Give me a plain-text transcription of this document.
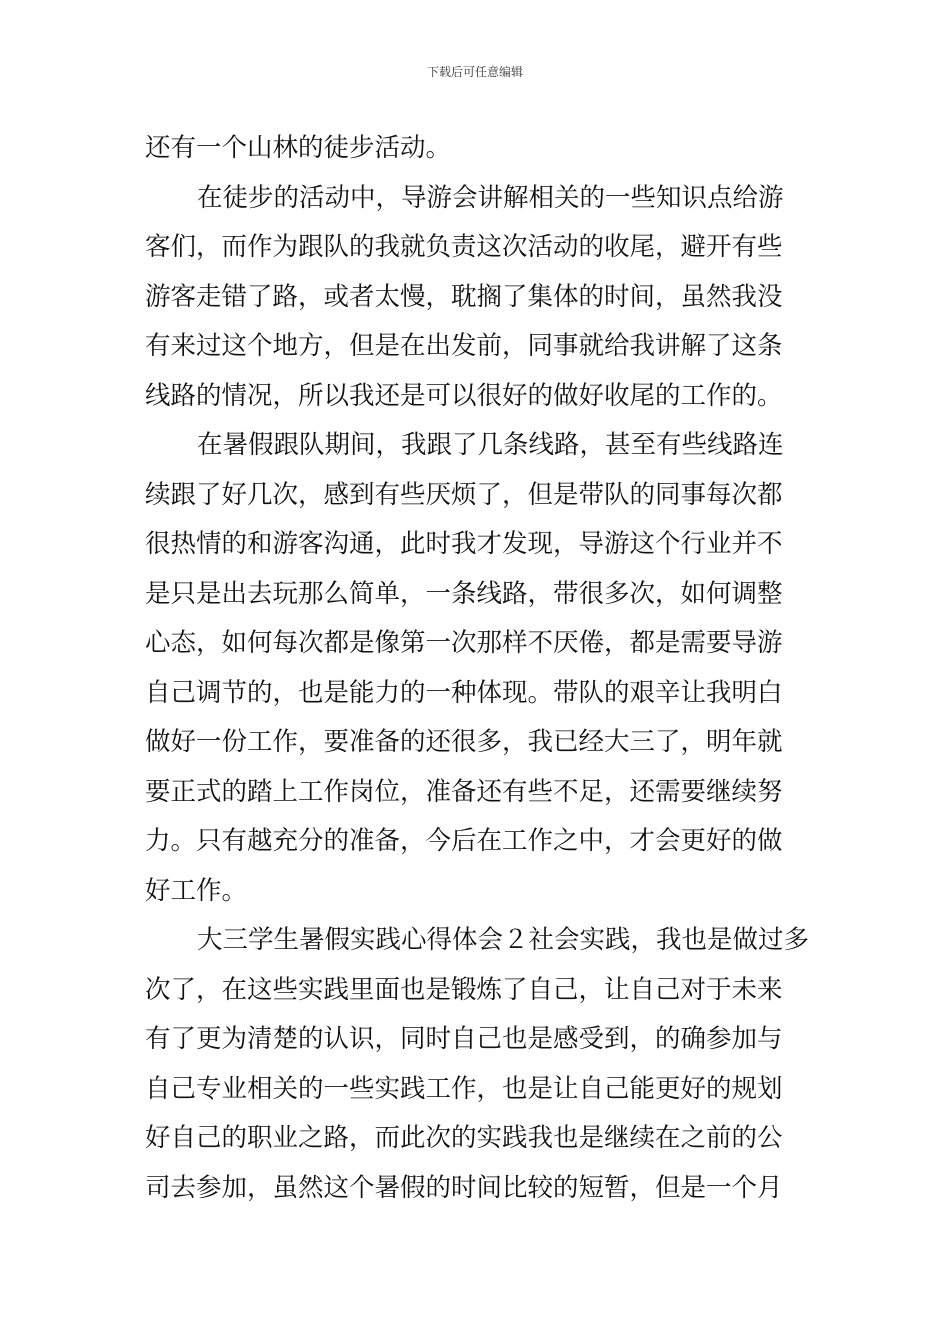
下载后可任意编辑
还有一个山林的徒步活动。
在徒步的活动中，导游会讲解相关的一些知识点给游
客们，而作为跟队的我就负责这次活动的收尾，避开有些
游客走错了路，或者太慢，耽搁了集体的时间，虽然我没
有来过这个地方，但是在出发前，同事就给我讲解了这条
线路的情况，所以我还是可以很好的做好收尾的工作的。
在暑假跟队期间，我跟了几条线路，甚至有些线路连
续跟了好几次，感到有些厌烦了，但是带队的同事每次都
很热情的和游客沟通，此时我才发现，导游这个行业并不
是只是出去玩那么简单，一条线路，带很多次，如何调整
心态，如何每次都是像第一次那样不厌倦，都是需要导游
自己调节的，也是能力的一种体现。带队的艰辛让我明白
做好一份工作，要准备的还很多，我已经大三了，明年就
要正式的踏上工作岗位，准备还有些不足，还需要继续努
力。只有越充分的准备，今后在工作之中，才会更好的做
好工作。
大三学生暑假实践心得体会２社会实践，我也是做过多
次了，在这些实践里面也是锻炼了自己，让自己对于未来
有了更为清楚的认识，同时自己也是感受到，的确参加与
自己专业相关的一些实践工作，也是让自己能更好的规划
好自己的职业之路，而此次的实践我也是继续在之前的公
司去参加，虽然这个暑假的时间比较的短暂，但是一个月
